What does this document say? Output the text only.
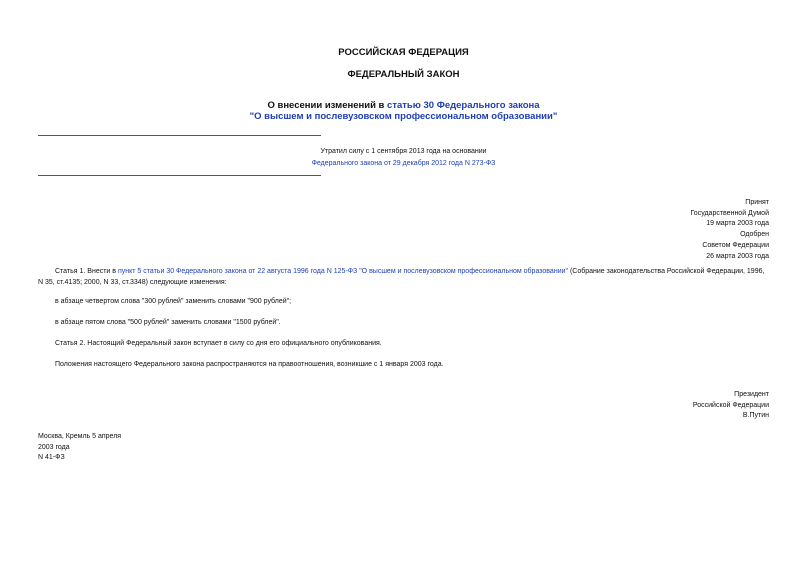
РОССИЙСКАЯ ФЕДЕРАЦИЯ
ФЕДЕРАЛЬНЫЙ ЗАКОН
О внесении изменений в статью 30 Федерального закона
"О высшем и послевузовском профессиональном образовании"
Утратил силу с 1 сентября 2013 года на основании
Федерального закона от 29 декабря 2012 года N 273-ФЗ
Принят
Государственной Думой
19 марта 2003 года
Одобрен
Советом Федерации
26 марта 2003 года
Статья 1. Внести в пункт 5 статьи 30 Федерального закона от 22 августа 1996 года N 125-ФЗ "О высшем и послевузовском профессиональном образовании" (Собрание законодательства Российской Федерации, 1996, N 35, ст.4135; 2000, N 33, ст.3348) следующие изменения:
в абзаце четвертом слова "300 рублей" заменить словами "900 рублей";
в абзаце пятом слова "500 рублей" заменить словами "1500 рублей".
Статья 2. Настоящий Федеральный закон вступает в силу со дня его официального опубликования.
Положения настоящего Федерального закона распространяются на правоотношения, возникшие с 1 января 2003 года.
Президент
Российской Федерации
В.Путин
Москва, Кремль 5 апреля
2003 года
N 41-ФЗ
